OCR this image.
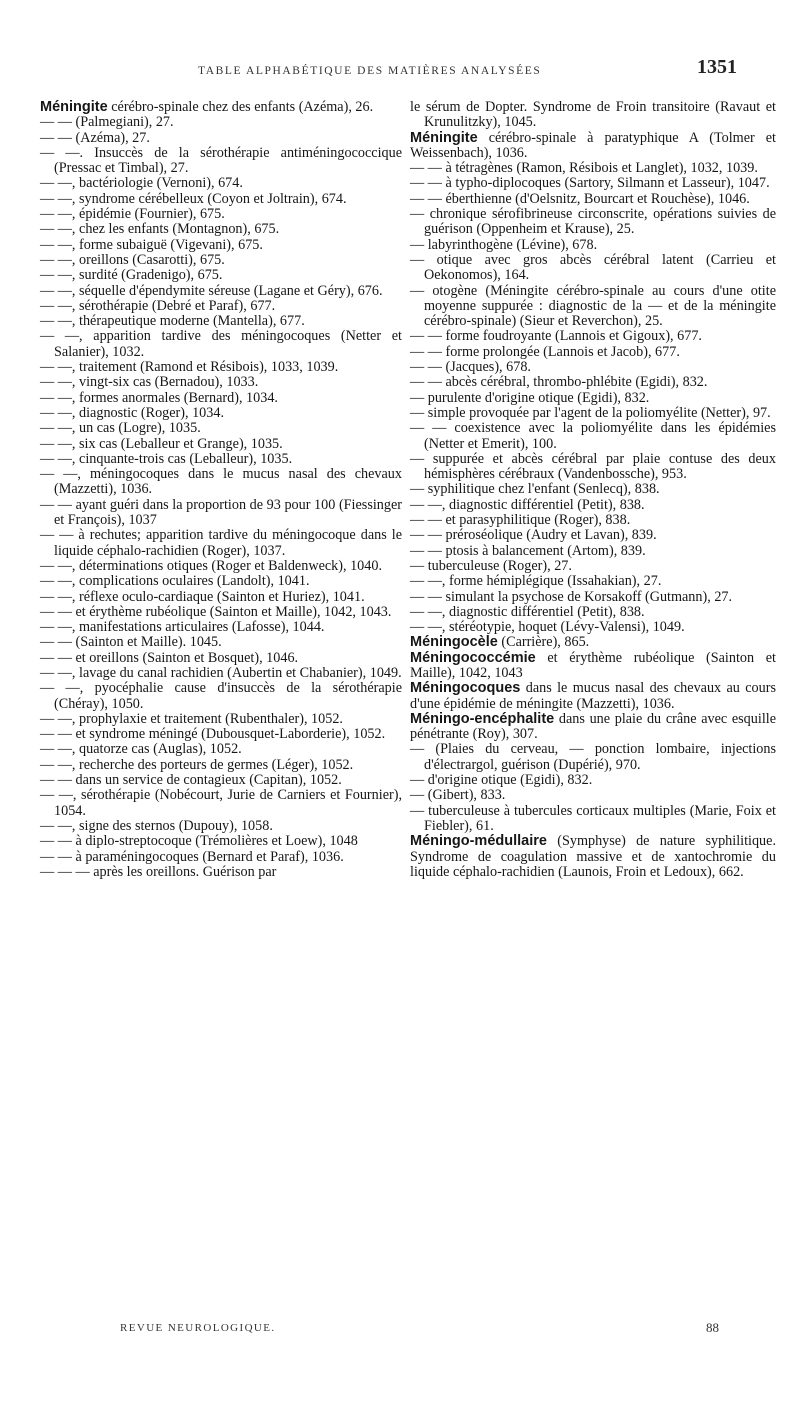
TABLE ALPHABÉTIQUE DES MATIÈRES ANALYSÉES	1351

Méningite cérébro-spinale chez des enfants (Azéma), 26.

— — (Palmegiani), 27.

— — (Azéma), 27.

— —. Insuccès de la sérothérapie antiméningococcique (Pressac et Timbal), 27.

— —, bactériologie (Vernoni), 674.

— —, syndrome cérébelleux (Coyon et Joltrain), 674.

— —, épidémie (Fournier), 675.

— —, chez les enfants (Montagnon), 675.

— —, forme subaiguë (Vigevani), 675.

— —, oreillons (Casarotti), 675.

— —, surdité (Gradenigo), 675.

— —, séquelle d'épendymite séreuse (Lagane et Géry), 676.

— —, sérothérapie (Debré et Paraf), 677.

— —, thérapeutique moderne (Mantella), 677.

— —, apparition tardive des méningocoques (Netter et Salanier), 1032.

— —, traitement (Ramond et Résibois), 1033, 1039.

— —, vingt-six cas (Bernadou), 1033.

— —, formes anormales (Bernard), 1034.

— —, diagnostic (Roger), 1034.

— —, un cas (Logre), 1035.

— —, six cas (Leballeur et Grange), 1035.

— —, cinquante-trois cas (Leballeur), 1035.

— —, méningocoques dans le mucus nasal des chevaux (Mazzetti), 1036.

— — ayant guéri dans la proportion de 93 pour 100 (Fiessinger et François), 1037

— — à rechutes; apparition tardive du méningocoque dans le liquide céphalo-rachidien (Roger), 1037.

— —, déterminations otiques (Roger et Baldenweck), 1040.

— —, complications oculaires (Landolt), 1041.

— —, réflexe oculo-cardiaque (Sainton et Huriez), 1041.

— — et érythème rubéolique (Sainton et Maille), 1042, 1043.

— —, manifestations articulaires (Lafosse), 1044.

— — (Sainton et Maille). 1045.

— — et oreillons (Sainton et Bosquet), 1046.

— —, lavage du canal rachidien (Aubertin et Chabanier), 1049.

— —, pyocéphalie cause d'insuccès de la sérothérapie (Chéray), 1050.

— —, prophylaxie et traitement (Rubenthaler), 1052.

— — et syndrome méningé (Dubousquet-Laborderie), 1052.

— —, quatorze cas (Auglas), 1052.

— —, recherche des porteurs de germes (Léger), 1052.

— — dans un service de contagieux (Capitan), 1052.

— —, sérothérapie (Nobécourt, Jurie de Carniers et Fournier), 1054.

— —, signe des sternos (Dupouy), 1058.

— — à diplo-streptocoque (Trémolières et Loew), 1048

— — à paraméningocoques (Bernard et Paraf), 1036.

— — — après les oreillons. Guérison par

le sérum de Dopter. Syndrome de Froin transitoire (Ravaut et Krunulitzky), 1045.

Méningite cérébro-spinale à paratyphique A (Tolmer et Weissenbach), 1036.

— — à tétragènes (Ramon, Résibois et Langlet), 1032, 1039.

— — à typho-diplocoques (Sartory, Silmann et Lasseur), 1047.

— — éberthienne (d'Oelsnitz, Bourcart et Rouchèse), 1046.

— chronique sérofibrineuse circonscrite, opérations suivies de guérison (Oppenheim et Krause), 25.

— labyrinthogène (Lévine), 678.

— otique avec gros abcès cérébral latent (Carrieu et Oekonomos), 164.

— otogène (Méningite cérébro-spinale au cours d'une otite moyenne suppurée : diagnostic de la — et de la méningite cérébro-spinale) (Sieur et Reverchon), 25.

— — forme foudroyante (Lannois et Gigoux), 677.

— — forme prolongée (Lannois et Jacob), 677.

— — (Jacques), 678.

— — abcès cérébral, thrombo-phlébite (Egidi), 832.

— purulente d'origine otique (Egidi), 832.

— simple provoquée par l'agent de la poliomyélite (Netter), 97.

— — coexistence avec la poliomyélite dans les épidémies (Netter et Emerit), 100.

— suppurée et abcès cérébral par plaie contuse des deux hémisphères cérébraux (Vandenbossche), 953.

— syphilitique chez l'enfant (Senlecq), 838.

— —, diagnostic différentiel (Petit), 838.

— — et parasyphilitique (Roger), 838.

— — préroséolique (Audry et Lavan), 839.

— — ptosis à balancement (Artom), 839.

— tuberculeuse (Roger), 27.

— —, forme hémiplégique (Issahakian), 27.

— — simulant la psychose de Korsakoff (Gutmann), 27.

— —, diagnostic différentiel (Petit), 838.

— —, stéréotypie, hoquet (Lévy-Valensi), 1049.

Méningocèle (Carrière), 865.

Méningococcémie et érythème rubéolique (Sainton et Maille), 1042, 1043

Méningocoques dans le mucus nasal des chevaux au cours d'une épidémie de méningite (Mazzetti), 1036.

Méningo-encéphalite dans une plaie du crâne avec esquille pénétrante (Roy), 307.

— (Plaies du cerveau, — ponction lombaire, injections d'électrargol, guérison (Dupérié), 970.

— d'origine otique (Egidi), 832.

— (Gibert), 833.

— tuberculeuse à tubercules corticaux multiples (Marie, Foix et Fiebler), 61.

Méningo-médullaire (Symphyse) de nature syphilitique. Syndrome de coagulation massive et de xantochromie du liquide céphalo-rachidien (Launois, Froin et Ledoux), 662.

REVUE NEUROLOGIQUE.	88
